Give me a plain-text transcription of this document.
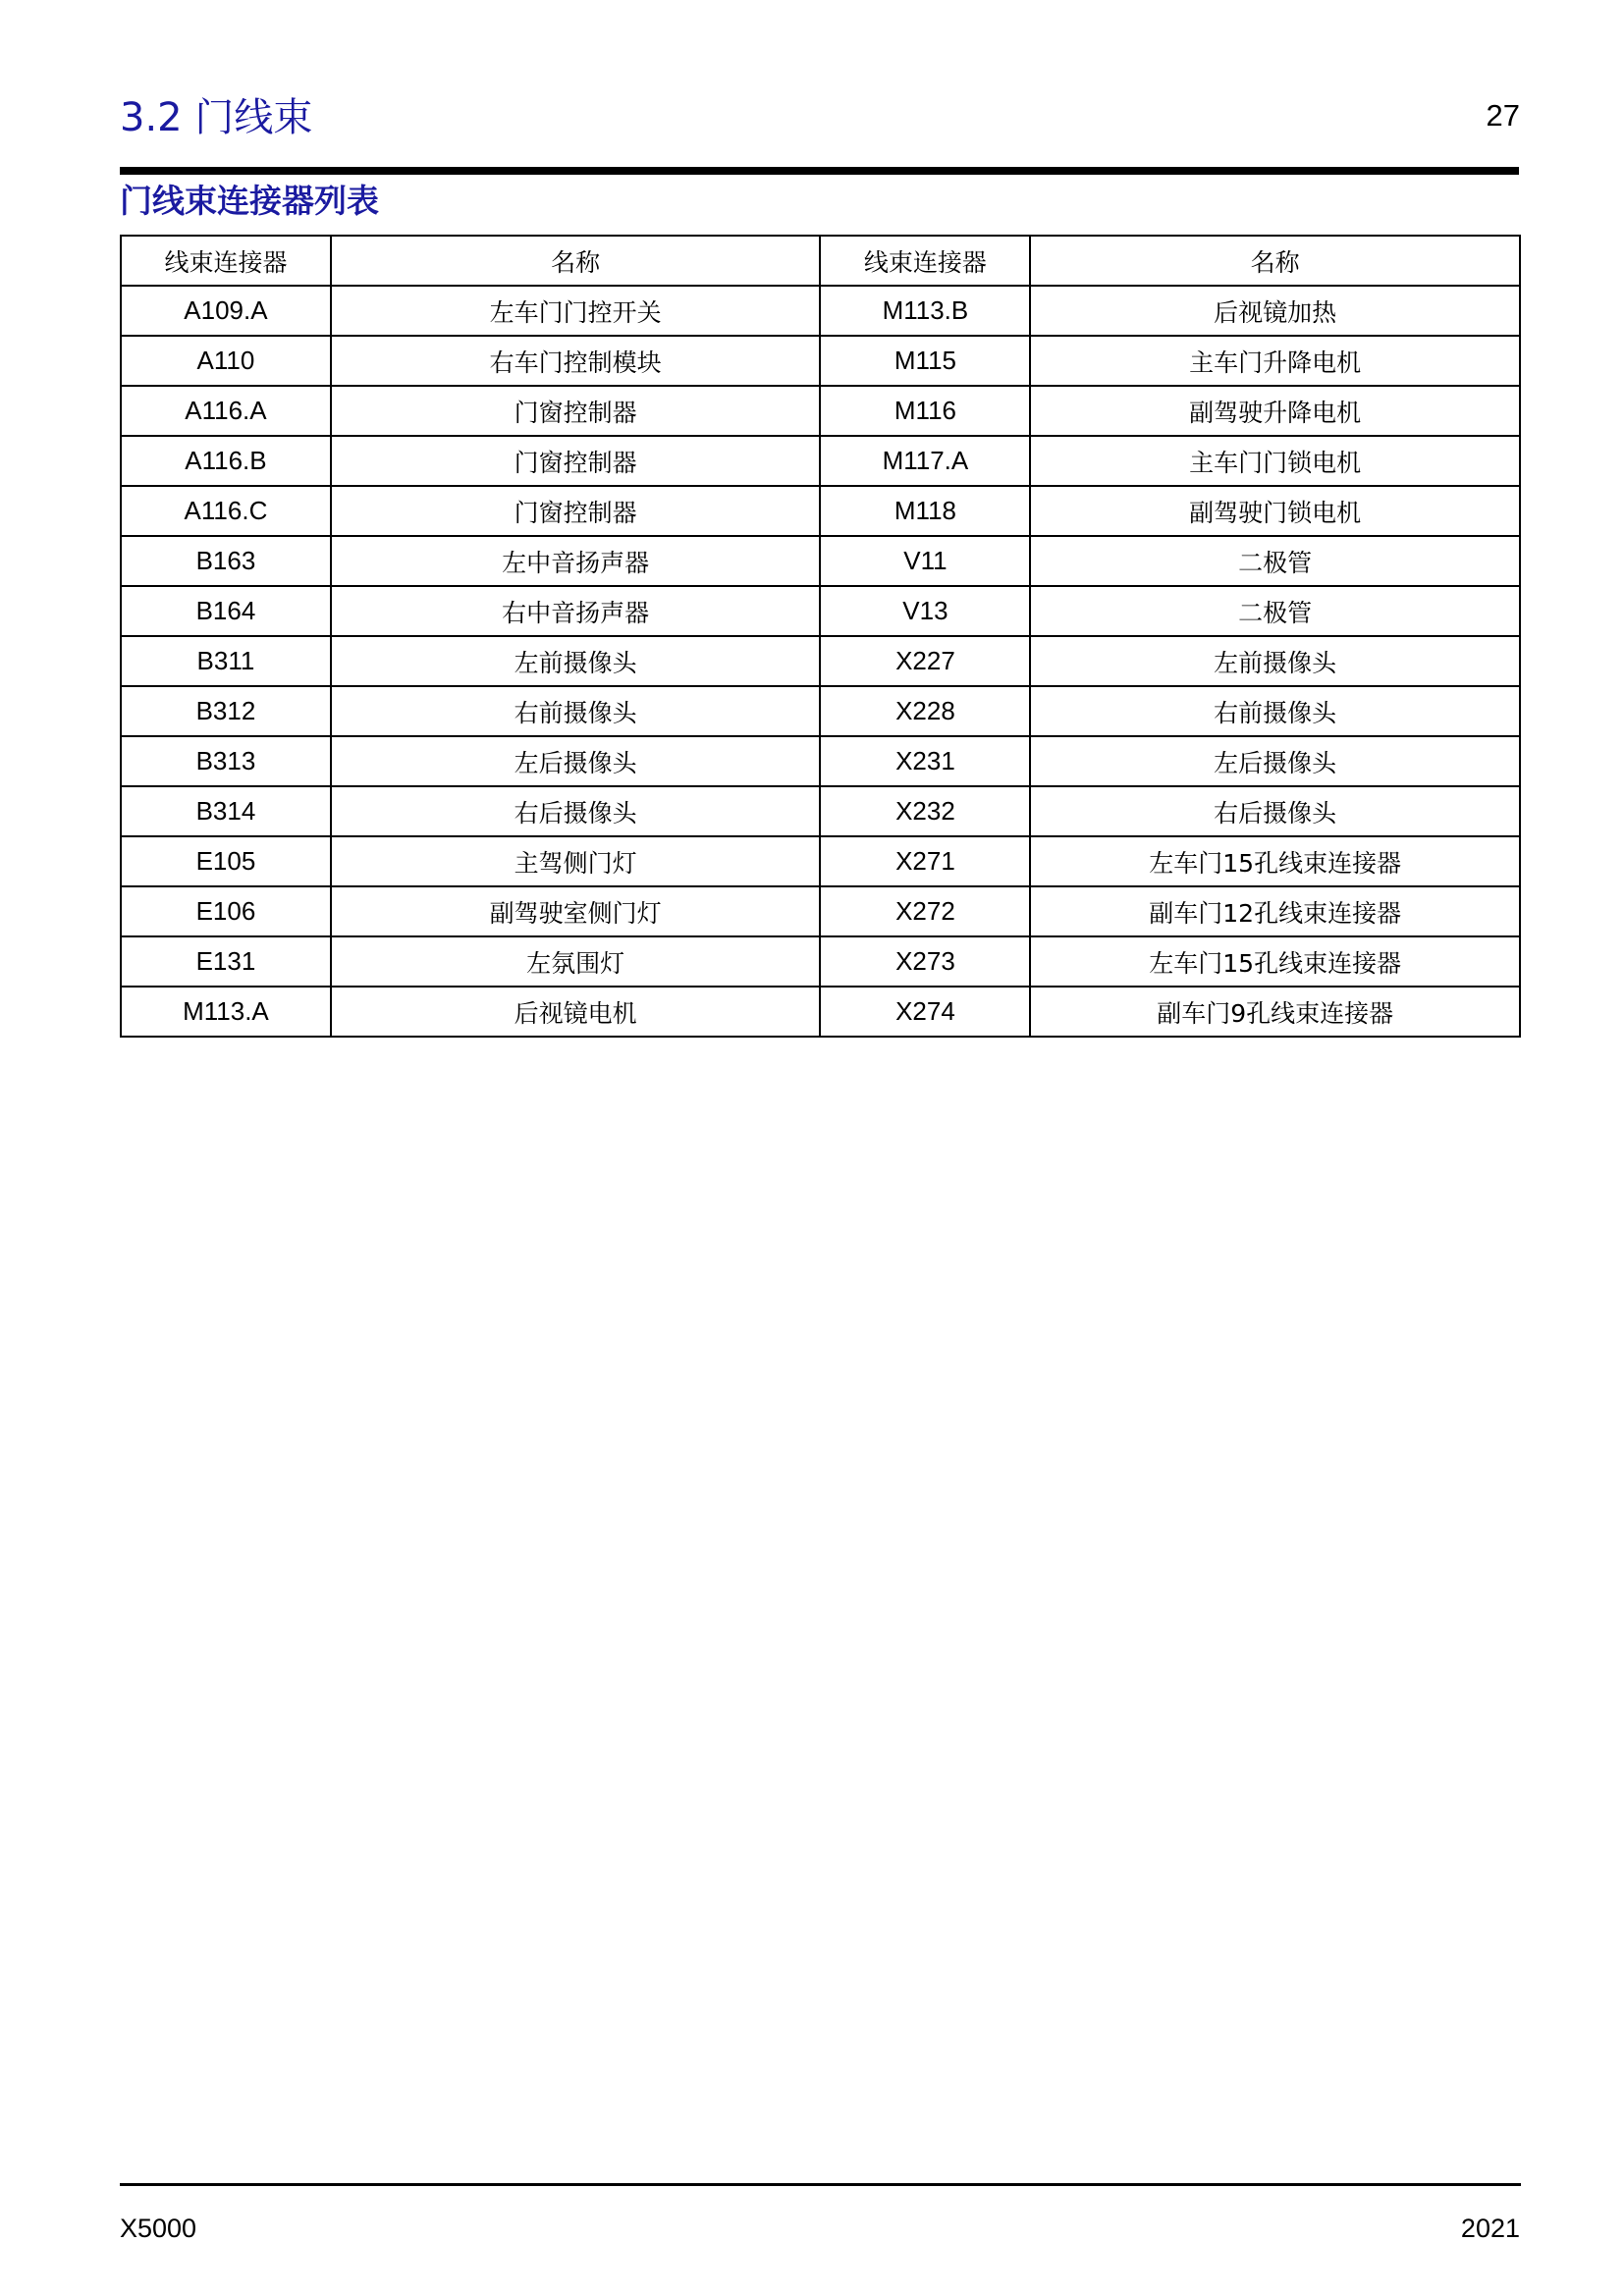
3.2 门线束	27
门线束连接器列表
线束连接器	名称	线束连接器	名称
A109.A	左车门门控开关	M113.B	后视镜加热
A110	右车门控制模块	M115	主车门升降电机
A116.A	门窗控制器	M116	副驾驶升降电机
A116.B	门窗控制器	M117.A	主车门门锁电机
A116.C	门窗控制器	M118	副驾驶门锁电机
B163	左中音扬声器	V11	二极管
B164	右中音扬声器	V13	二极管
B311	左前摄像头	X227	左前摄像头
B312	右前摄像头	X228	右前摄像头
B313	左后摄像头	X231	左后摄像头
B314	右后摄像头	X232	右后摄像头
E105	主驾侧门灯	X271	左车门15孔线束连接器
E106	副驾驶室侧门灯	X272	副车门12孔线束连接器
E131	左氛围灯	X273	左车门15孔线束连接器
M113.A	后视镜电机	X274	副车门9孔线束连接器
X5000	2021
